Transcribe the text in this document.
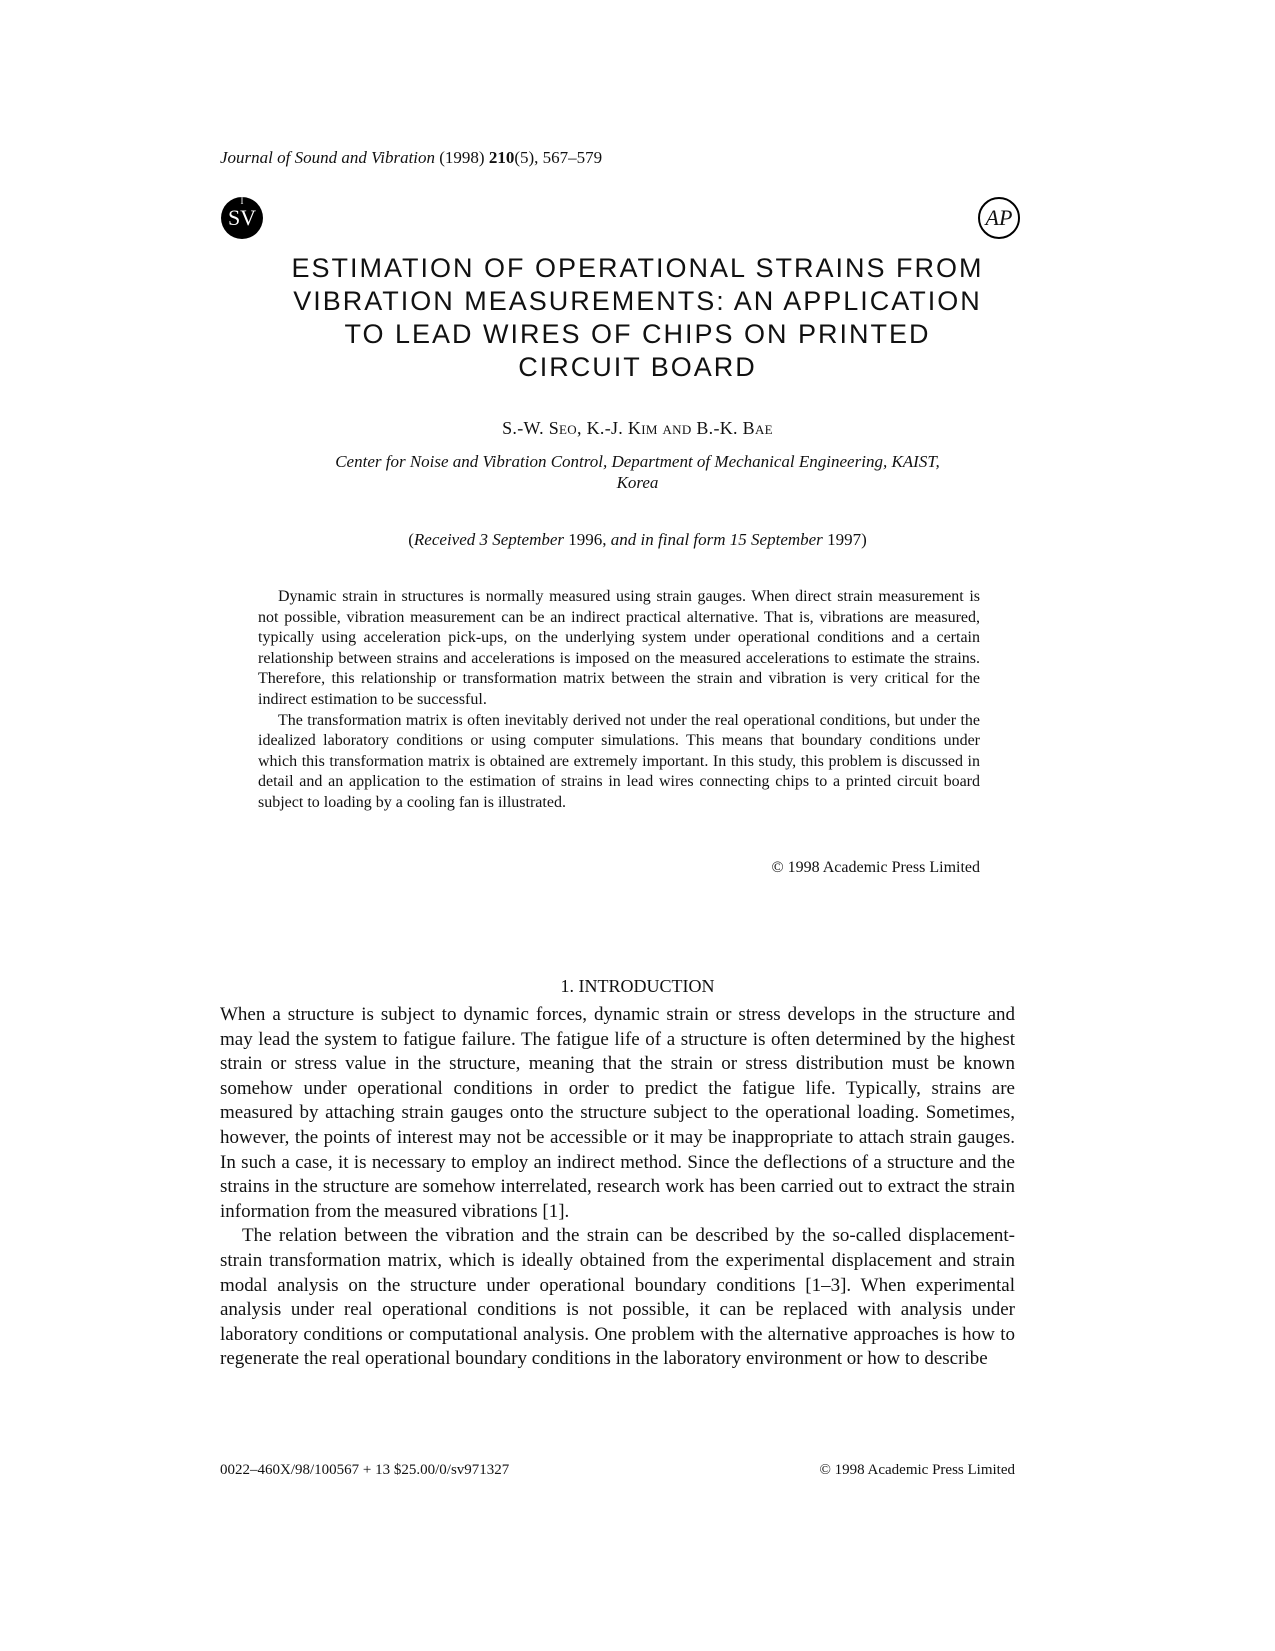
Journal of Sound and Vibration (1998) 210(5), 567–579
I
SV	AP
ESTIMATION OF OPERATIONAL STRAINS FROM
VIBRATION MEASUREMENTS: AN APPLICATION
TO LEAD WIRES OF CHIPS ON PRINTED
CIRCUIT BOARD
S.-W. Seo, K.-J. Kim and B.-K. Bae
Center for Noise and Vibration Control, Department of Mechanical Engineering, KAIST,
Korea
(Received 3 September 1996, and in final form 15 September 1997)

Dynamic strain in structures is normally measured using strain gauges. When direct strain measurement is not possible, vibration measurement can be an indirect practical alternative. That is, vibrations are measured, typically using acceleration pick-ups, on the underlying system under operational conditions and a certain relationship between strains and accelerations is imposed on the measured accelerations to estimate the strains. Therefore, this relationship or transformation matrix between the strain and vibration is very critical for the indirect estimation to be successful.

The transformation matrix is often inevitably derived not under the real operational conditions, but under the idealized laboratory conditions or using computer simulations. This means that boundary conditions under which this transformation matrix is obtained are extremely important. In this study, this problem is discussed in detail and an application to the estimation of strains in lead wires connecting chips to a printed circuit board subject to loading by a cooling fan is illustrated.

© 1998 Academic Press Limited
1. INTRODUCTION

When a structure is subject to dynamic forces, dynamic strain or stress develops in the structure and may lead the system to fatigue failure. The fatigue life of a structure is often determined by the highest strain or stress value in the structure, meaning that the strain or stress distribution must be known somehow under operational conditions in order to predict the fatigue life. Typically, strains are measured by attaching strain gauges onto the structure subject to the operational loading. Sometimes, however, the points of interest may not be accessible or it may be inappropriate to attach strain gauges. In such a case, it is necessary to employ an indirect method. Since the deflections of a structure and the strains in the structure are somehow interrelated, research work has been carried out to extract the strain information from the measured vibrations [1].

The relation between the vibration and the strain can be described by the so-called displacement-strain transformation matrix, which is ideally obtained from the experimental displacement and strain modal analysis on the structure under operational boundary conditions [1–3]. When experimental analysis under real operational conditions is not possible, it can be replaced with analysis under laboratory conditions or computational analysis. One problem with the alternative approaches is how to regenerate the real operational boundary conditions in the laboratory environment or how to describe

0022–460X/98/100567 + 13 $25.00/0/sv971327	© 1998 Academic Press Limited
